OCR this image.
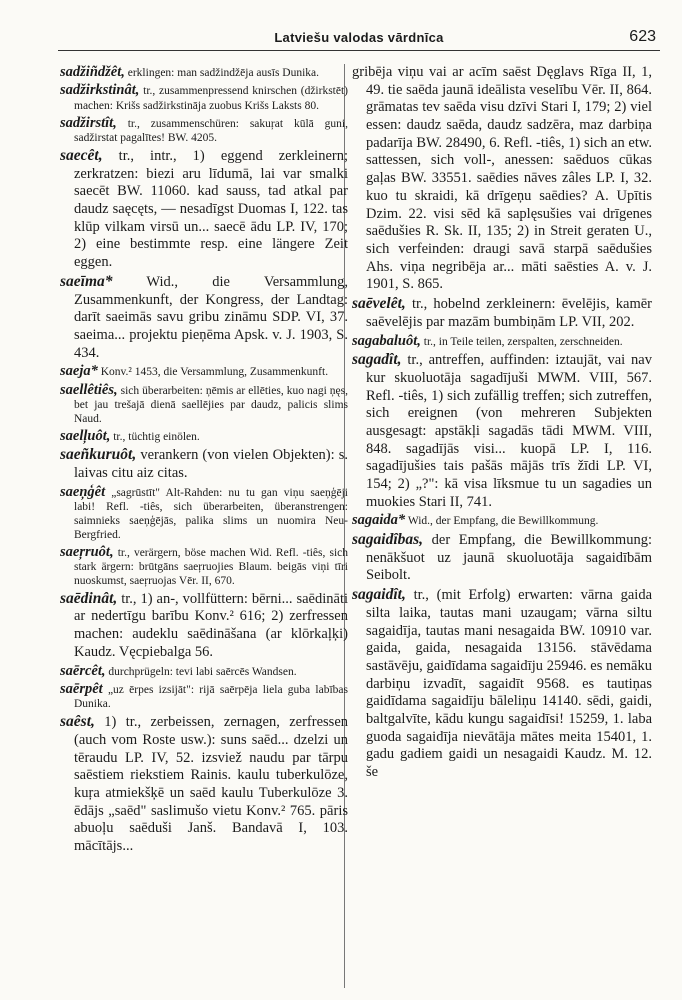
Latviešu valodas vārdnīca	623

sadžiñdžêt, erklingen: man sadžindžēja ausīs Dunika.

sadžirkstinât, tr., zusammenpressend knirschen (džirkstēt) machen: Krišs sadžirkstināja zuobus Krišs Laksts 80.

sadžirstît, tr., zusammenschüren: sakuŗat kūlā guni, sadžirstat pagalītes! BW. 4205.

saecêt, tr., intr., 1) eggend zerkleinern; zerkratzen: biezi aru līdumā, lai var smalki saecēt BW. 11060. kad sauss, tad atkal par daudz saęcęts, — nesadīgst Duomas I, 122. tas klūp vilkam virsū un... saecē ādu LP. IV, 170; 2) eine bestimmte resp. eine längere Zeit eggen.

saeīma* Wid., die Versammlung, Zusammenkunft, der Kongress, der Landtag: darīt saeimās savu gribu zināmu SDP. VI, 37. saeima... projektu pieņēma Apsk. v. J. 1903, S. 434.

saeja* Konv.² 1453, die Versammlung, Zusammenkunft.

saellêtiês, sich überarbeiten: ņēmis ar ellēties, kuo nagi ņęs, bet jau trešajā dienā saellējies par daudz, palicis slims Naud.

saelļuôt, tr., tüchtig einölen.

saeñkuruôt, verankern (von vielen Objekten): s. laivas citu aiz citas.

saeņģêt „sagrūstīt" Alt-Rahden: nu tu gan viņu saeņģēji labi! Refl. -tiês, sich überarbeiten, überanstrengen: saimnieks saeņģējās, palika slims un nuomira Neu-Bergfried.

saeŗruôt, tr., verärgern, böse machen Wid. Refl. -tiês, sich stark ärgern: brūtgāns saeŗruojies Blaum. beigās viņi tīri nuoskumst, saeŗruojas Vēr. II, 670.

saēdinât, tr., 1) an-, vollfüttern: bērni... saēdināti ar nedertīgu barību Konv.² 616; 2) zerfressen machen: audeklu saēdināšana (ar klōrkaļķi) Kaudz. Vęcpiebalga 56.

saērcêt, durchprügeln: tevi labi saērcēs Wandsen.

saērpêt „uz ērpes izsijāt": rijā saērpēja liela guba labības Dunika.

saêst, 1) tr., zerbeissen, zernagen, zerfressen (auch vom Roste usw.): suns saēd... dzelzi un tēraudu LP. IV, 52. izsviež naudu par tārpu saēstiem riekstiem Rainis. kaulu tuberkulōze, kuŗa atmiekšķē un saēd kaulu Tuberkulōze 3. ēdājs „saēd" saslimušo vietu Konv.² 765. pāris abuoļu saēduši Janš. Bandavā I, 103. mācītājs...

gribēja viņu vai ar acīm saēst Dęglavs Rīga II, 1, 49. tie saēda jaunā ideālista veselību Vēr. II, 864. grāmatas tev saēda visu dzīvi Stari I, 179; 2) viel essen: daudz saēda, daudz sadzēra, maz darbiņa padarīja BW. 28490, 6. Refl. -tiês, 1) sich an etw. sattessen, sich voll-, anessen: saēduos cūkas gaļas BW. 33551. saēdies nāves zâles LP. I, 32. kuo tu skraidi, kā drīgeņu saēdies? A. Upītis Dzim. 22. visi sēd kā saplęsušies vai drīgenes saēdušies R. Sk. II, 135; 2) in Streit geraten U., sich verfeinden: draugi savā starpā saēdušies Ahs. viņa negribēja ar... māti saēsties A. v. J. 1901, S. 865.

saēvelêt, tr., hobelnd zerkleinern: ēvelējis, kamēr saēvelējis par mazām bumbiņām LP. VII, 202.

sagabaluôt, tr., in Teile teilen, zerspalten, zerschneiden.

sagadît, tr., antreffen, auffinden: iztaujāt, vai nav kur skuoluotāja sagadījuši MWM. VIII, 567. Refl. -tiês, 1) sich zufällig treffen; sich zutreffen, sich ereignen (von mehreren Subjekten ausgesagt: apstākļi sagadās tādi MWM. VIII, 848. sagadījās visi... kuopā LP. I, 116. sagadījušies tais pašās mājās trīs žīdi LP. VI, 154; 2) „?": kā visa līksmue tu un sagadies un muokies Stari II, 741.

sagaida* Wid., der Empfang, die Bewillkommung.

sagaidîbas, der Empfang, die Bewillkommung: nenākšuot uz jaunā skuoluotāja sagaidībām Seibolt.

sagaidît, tr., (mit Erfolg) erwarten: vārna gaida silta laika, tautas mani uzaugam; vārna siltu sagaidīja, tautas mani nesagaida BW. 10910 var. gaida, gaida, nesagaida 13156. stāvēdama sastāvēju, gaidīdama sagaidīju 25946. es nemāku darbiņu izvadīt, sagaidīt 9568. es tautiņas gaidīdama sagaidīju bāleliņu 14140. sēdi, gaidi, baltgalvīte, kādu kungu sagaidīsi! 15259, 1. laba guoda sagaidīja nievātāja mātes meita 15401, 1. gadu gadiem gaidi un nesagaidi Kaudz. M. 12. še
